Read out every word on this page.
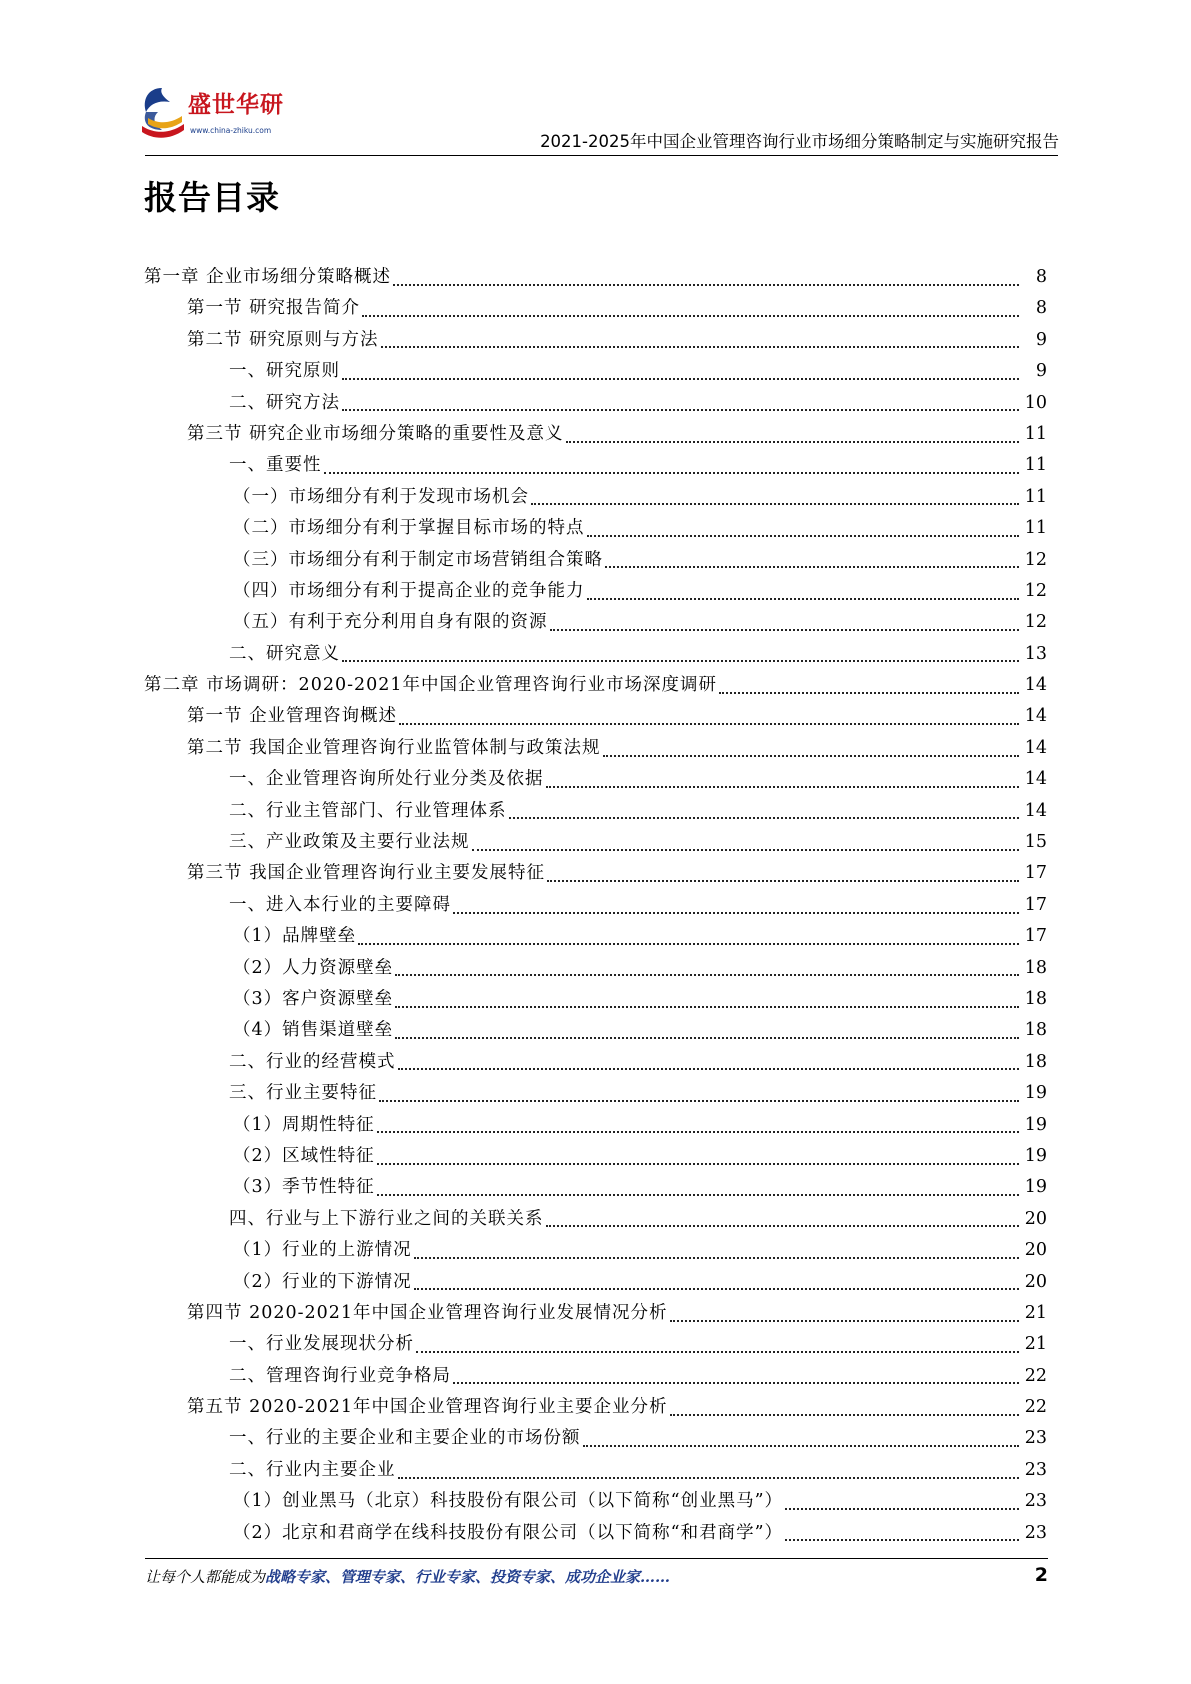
盛世华研
www.china-zhiku.com
2021-2025年中国企业管理咨询行业市场细分策略制定与实施研究报告
报告目录
第一章 企业市场细分策略概述	8
第一节 研究报告简介	8
第二节 研究原则与方法	9
一、研究原则	9
二、研究方法	10
第三节 研究企业市场细分策略的重要性及意义	11
一、重要性	11
（一）市场细分有利于发现市场机会	11
（二）市场细分有利于掌握目标市场的特点	11
（三）市场细分有利于制定市场营销组合策略	12
（四）市场细分有利于提高企业的竞争能力	12
（五）有利于充分利用自身有限的资源	12
二、研究意义	13
第二章 市场调研：2020-2021年中国企业管理咨询行业市场深度调研	14
第一节 企业管理咨询概述	14
第二节 我国企业管理咨询行业监管体制与政策法规	14
一、企业管理咨询所处行业分类及依据	14
二、行业主管部门、行业管理体系	14
三、产业政策及主要行业法规	15
第三节 我国企业管理咨询行业主要发展特征	17
一、进入本行业的主要障碍	17
（1）品牌壁垒	17
（2）人力资源壁垒	18
（3）客户资源壁垒	18
（4）销售渠道壁垒	18
二、行业的经营模式	18
三、行业主要特征	19
（1）周期性特征	19
（2）区域性特征	19
（3）季节性特征	19
四、行业与上下游行业之间的关联关系	20
（1）行业的上游情况	20
（2）行业的下游情况	20
第四节 2020-2021年中国企业管理咨询行业发展情况分析	21
一、行业发展现状分析	21
二、管理咨询行业竞争格局	22
第五节 2020-2021年中国企业管理咨询行业主要企业分析	22
一、行业的主要企业和主要企业的市场份额	23
二、行业内主要企业	23
（1）创业黑马（北京）科技股份有限公司（以下简称“创业黑马”）	23
（2）北京和君商学在线科技股份有限公司（以下简称“和君商学”）	23
让每个人都能成为战略专家、管理专家、行业专家、投资专家、成功企业家……	2
